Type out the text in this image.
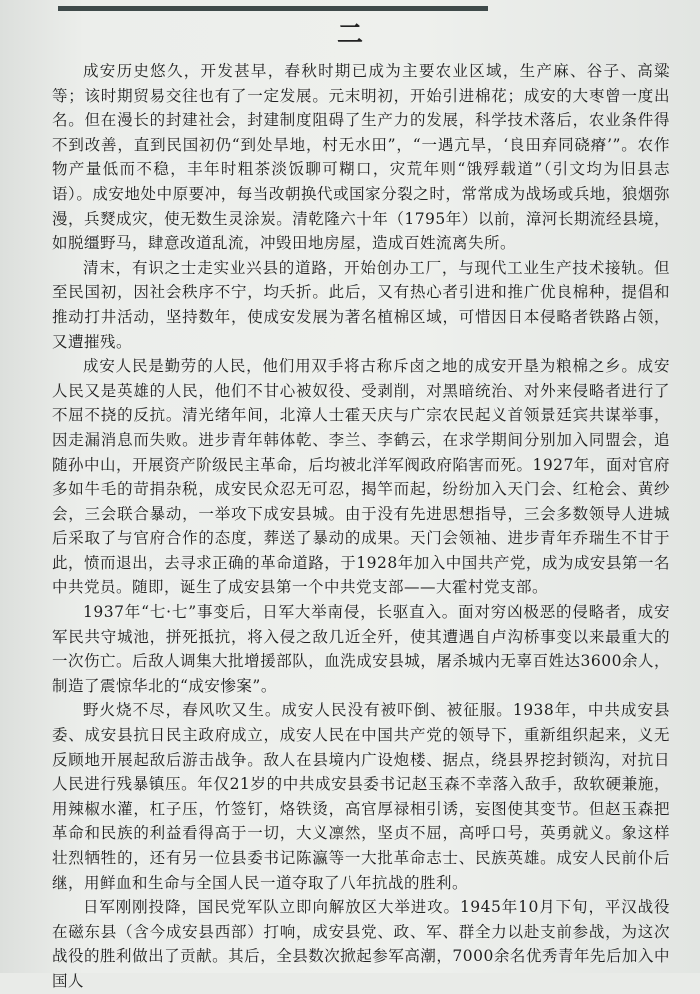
二

成安历史悠久，开发甚早，春秋时期已成为主要农业区域，生产麻、谷子、高粱等；该时期贸易交往也有了一定发展。元末明初，开始引进棉花；成安的大枣曾一度出名。但在漫长的封建社会，封建制度阻碍了生产力的发展，科学技术落后，农业条件得不到改善，直到民国初仍“到处旱地，村无水田”，“一遇亢旱，‘良田弃同硗瘠’”。农作物产量低而不稳，丰年时粗茶淡饭聊可糊口，灾荒年则“饿殍载道”（引文均为旧县志语）。成安地处中原要冲，每当改朝换代或国家分裂之时，常常成为战场或兵地，狼烟弥漫，兵燹成灾，使无数生灵涂炭。清乾隆六十年（1795年）以前，漳河长期流经县境，如脱缰野马，肆意改道乱流，冲毁田地房屋，造成百姓流离失所。

清末，有识之士走实业兴县的道路，开始创办工厂，与现代工业生产技术接轨。但至民国初，因社会秩序不宁，均夭折。此后，又有热心者引进和推广优良棉种，提倡和推动打井活动，坚持数年，使成安发展为著名植棉区域，可惜因日本侵略者铁路占领，又遭摧残。

成安人民是勤劳的人民，他们用双手将古称斥卤之地的成安开垦为粮棉之乡。成安人民又是英雄的人民，他们不甘心被奴役、受剥削，对黑暗统治、对外来侵略者进行了不屈不挠的反抗。清光绪年间，北漳人士霍天庆与广宗农民起义首领景廷宾共谋举事，因走漏消息而失败。进步青年韩体乾、李兰、李鹤云，在求学期间分别加入同盟会，追随孙中山，开展资产阶级民主革命，后均被北洋军阀政府陷害而死。1927年，面对官府多如牛毛的苛捐杂税，成安民众忍无可忍，揭竿而起，纷纷加入天门会、红枪会、黄纱会，三会联合暴动，一举攻下成安县城。由于没有先进思想指导，三会多数领导人进城后采取了与官府合作的态度，葬送了暴动的成果。天门会领袖、进步青年乔瑞生不甘于此，愤而退出，去寻求正确的革命道路，于1928年加入中国共产党，成为成安县第一名中共党员。随即，诞生了成安县第一个中共党支部——大霍村党支部。

1937年“七·七”事变后，日军大举南侵，长驱直入。面对穷凶极恶的侵略者，成安军民共守城池，拼死抵抗，将入侵之敌几近全歼，使其遭遇自卢沟桥事变以来最重大的一次伤亡。后敌人调集大批增援部队，血洗成安县城，屠杀城内无辜百姓达3600余人，制造了震惊华北的“成安惨案”。

野火烧不尽，春风吹又生。成安人民没有被吓倒、被征服。1938年，中共成安县委、成安县抗日民主政府成立，成安人民在中国共产党的领导下，重新组织起来，义无反顾地开展起敌后游击战争。敌人在县境内广设炮楼、据点，绕县界挖封锁沟，对抗日人民进行残暴镇压。年仅21岁的中共成安县委书记赵玉森不幸落入敌手，敌软硬兼施，用辣椒水灌，杠子压，竹签钉，烙铁烫，高官厚禄相引诱，妄图使其变节。但赵玉森把革命和民族的利益看得高于一切，大义凛然，坚贞不屈，高呼口号，英勇就义。象这样壮烈牺牲的，还有另一位县委书记陈瀛等一大批革命志士、民族英雄。成安人民前仆后继，用鲜血和生命与全国人民一道夺取了八年抗战的胜利。

日军刚刚投降，国民党军队立即向解放区大举进攻。1945年10月下旬，平汉战役在磁东县（含今成安县西部）打响，成安县党、政、军、群全力以赴支前参战，为这次战役的胜利做出了贡献。其后，全县数次掀起参军高潮，7000余名优秀青年先后加入中国人
